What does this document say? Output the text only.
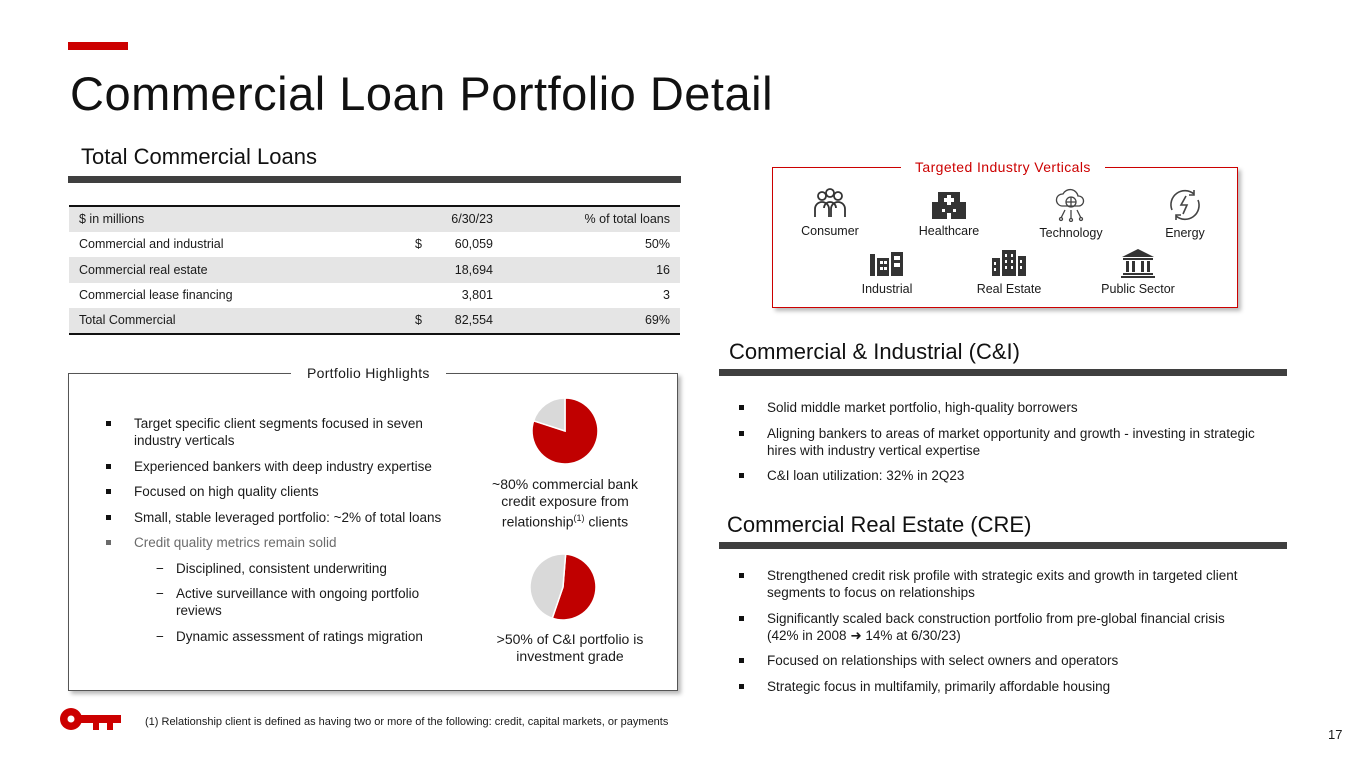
Commercial Loan Portfolio Detail
Total Commercial Loans
$ in millions		6/30/23	% of total loans
Commercial and industrial	$	60,059	50%
Commercial real estate		18,694	16
Commercial lease financing		3,801	3
Total Commercial	$	82,554	69%
Portfolio Highlights
Target specific client segments focused in seven industry verticals
Experienced bankers with deep industry expertise
Focused on high quality clients
Small, stable leveraged portfolio: ~2% of total loans
Credit quality metrics remain solid
− Disciplined, consistent underwriting
− Active surveillance with ongoing portfolio reviews
− Dynamic assessment of ratings migration
~80% commercial bank
credit exposure from
relationship$^{(1)}$ clients
>50% of C&I portfolio is
investment grade
Targeted Industry Verticals
Consumer	Healthcare	Technology	Energy
Industrial	Real Estate	Public Sector
Commercial & Industrial (C&I)
Solid middle market portfolio, high-quality borrowers
Aligning bankers to areas of market opportunity and growth - investing in strategic hires with industry vertical expertise
C&I loan utilization: 32% in 2Q23
Commercial Real Estate (CRE)
Strengthened credit risk profile with strategic exits and growth in targeted client segments to focus on relationships
Significantly scaled back construction portfolio from pre-global financial crisis
(42% in 2008 ➜ 14% at 6/30/23)
Focused on relationships with select owners and operators
Strategic focus in multifamily, primarily affordable housing
(1) Relationship client is defined as having two or more of the following: credit, capital markets, or payments
17
